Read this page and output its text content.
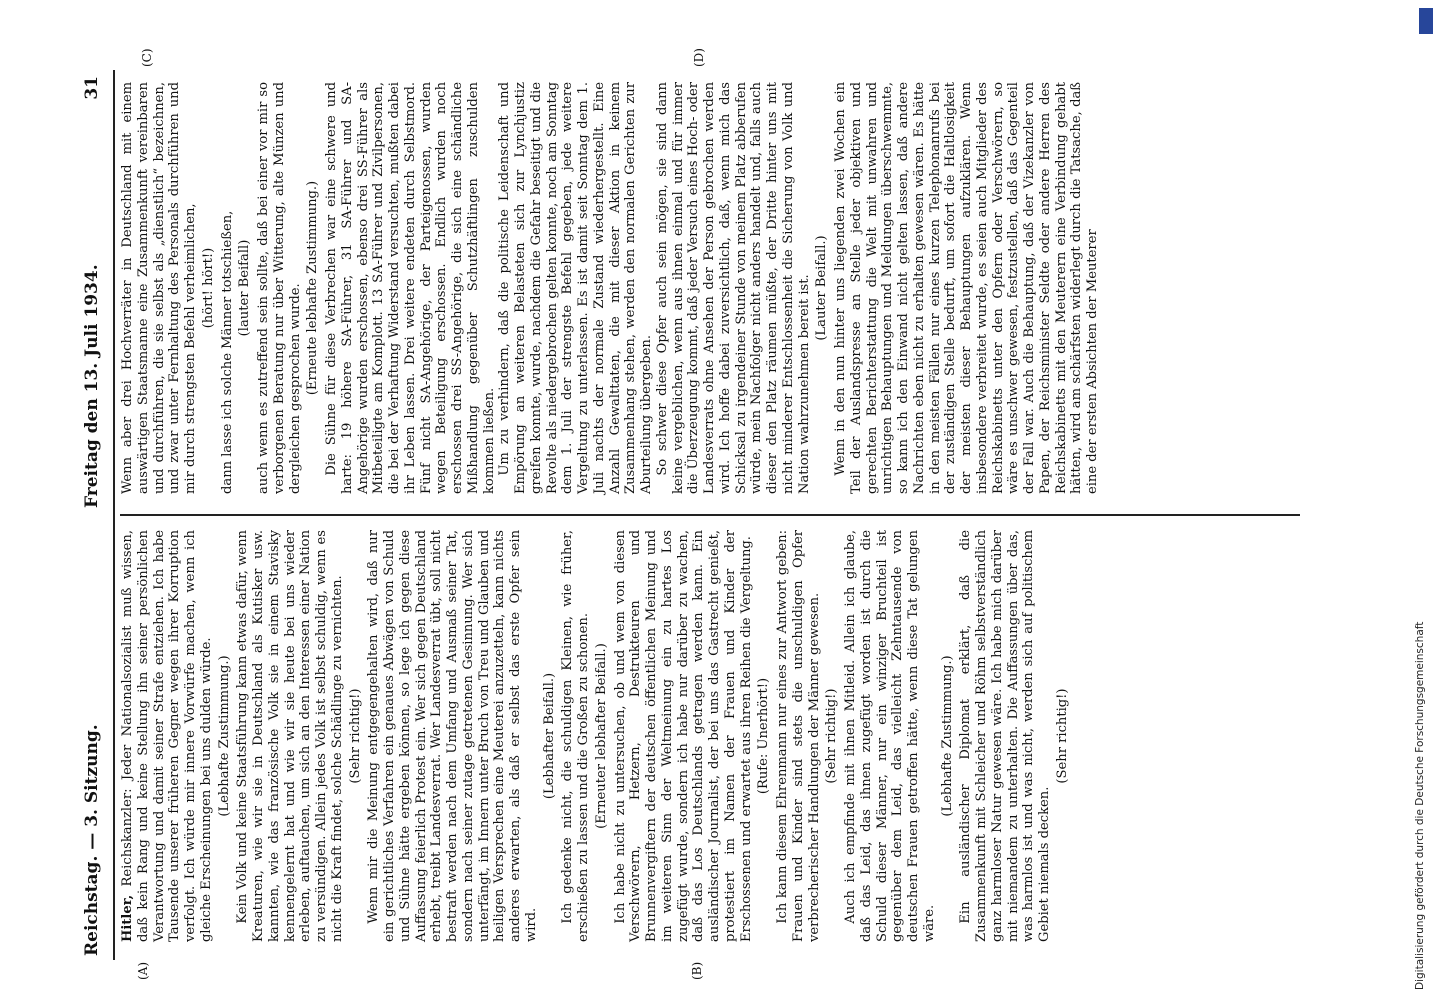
Reichstag. — 3. Sitzung.
Freitag den 13. Juli 1934.
31
(A)	(B)
(C)	(D)

Hitler, Reichskanzler: Jeder Nationalsozialist muß wissen, daß kein Rang und keine Stellung ihn seiner persönlichen Verantwortung und damit seiner Strafe entziehen. Ich habe Tausende unserer früheren Gegner wegen ihrer Korruption verfolgt. Ich würde mir innere Vorwürfe machen, wenn ich gleiche Erscheinungen bei uns dulden würde. (Lebhafte Zustimmung.) Kein Volk und keine Staatsführung kann etwas dafür, wenn Kreaturen, wie wir sie in Deutschland als Kutisker usw. kannten, wie das französische Volk sie in einem Stavisky kennengelernt hat und wie wir sie heute bei uns wieder erleben, auftauchen, um sich an den Interessen einer Nation zu versündigen. Allein jedes Volk ist selbst schuldig, wenn es nicht die Kraft findet, solche Schädlinge zu vernichten. (Sehr richtig!) Wenn mir die Meinung entgegengehalten wird, daß nur ein gerichtliches Verfahren ein genaues Abwägen von Schuld und Sühne hätte ergeben können, so lege ich gegen diese Auffassung feierlich Protest ein. Wer sich gegen Deutschland erhebt, treibt Landesverrat. Wer Landesverrat übt, soll nicht bestraft werden nach dem Umfang und Ausmaß seiner Tat, sondern nach seiner zutage getretenen Gesinnung. Wer sich unterfängt, im Innern unter Bruch von Treu und Glauben und heiligen Versprechen eine Meuterei anzuzetteln, kann nichts anderes erwarten, als daß er selbst das erste Opfer sein wird.

(Lebhafter Beifall.) Ich gedenke nicht, die schuldigen Kleinen, wie früher, erschießen zu lassen und die Großen zu schonen. (Erneuter lebhafter Beifall.) Ich habe nicht zu untersuchen, ob und wem von diesen Verschwörern, Hetzern, Destrukteuren und Brunnenvergiftern der deutschen öffentlichen Meinung und im weiteren Sinn der Weltmeinung ein zu hartes Los zugefügt wurde, sondern ich habe nur darüber zu wachen, daß das Los Deutschlands getragen werden kann. Ein ausländischer Journalist, der bei uns das Gastrecht genießt, protestiert im Namen der Frauen und Kinder der Erschossenen und erwartet aus ihren Reihen die Vergeltung. (Rufe: Unerhört!) Ich kann diesem Ehrenmann nur eines zur Antwort geben: Frauen und Kinder sind stets die unschuldigen Opfer verbrecherischer Handlungen der Männer gewesen. (Sehr richtig!) Auch ich empfinde mit ihnen Mitleid. Allein ich glaube, daß das Leid, das ihnen zugefügt worden ist durch die Schuld dieser Männer, nur ein winziger Bruchteil ist gegenüber dem Leid, das vielleicht Zehntausende von deutschen Frauen getroffen hätte, wenn diese Tat gelungen wäre.

(Lebhafte Zustimmung.) Ein ausländischer Diplomat erklärt, daß die Zusammenkunft mit Schleicher und Röhm selbstverständlich ganz harmloser Natur gewesen wäre. Ich habe mich darüber mit niemandem zu unterhalten. Die Auffassungen über das, was harmlos ist und was nicht, werden sich auf politischem Gebiet niemals decken.

(Sehr richtig!)

Wenn aber drei Hochverräter in Deutschland mit einem auswärtigen Staatsmanne eine Zusammenkunft vereinbaren und durchführen, die sie selbst als „dienstlich“ bezeichnen, und zwar unter Fernhaltung des Personals durchführen und mir durch strengsten Befehl verheimlichen, (hört! hört!) dann lasse ich solche Männer totschießen, (lauter Beifall) auch wenn es zutreffend sein sollte, daß bei einer vor mir so verborgenen Beratung nur über Witterung, alte Münzen und dergleichen gesprochen wurde. (Erneute lebhafte Zustimmung.) Die Sühne für diese Verbrechen war eine schwere und harte: 19 höhere SA-Führer, 31 SA-Führer und SA-Angehörige wurden erschossen, ebenso drei SS-Führer als Mitbeteiligte am Komplott. 13 SA-Führer und Zivilpersonen, die bei der Verhaftung Widerstand versuchten, mußten dabei ihr Leben lassen. Drei weitere endeten durch Selbstmord. Fünf nicht SA-Angehörige, der Parteigenossen, wurden wegen Beteiligung erschossen. Endlich wurden noch erschossen drei SS-Angehörige, die sich eine schändliche Mißhandlung gegenüber Schutzhäftlingen zuschulden kommen ließen. Um zu verhindern, daß die politische Leidenschaft und Empörung an weiteren Belasteten sich zur Lynchjustiz greifen konnte, wurde, nachdem die Gefahr beseitigt und die Revolte als niedergebrochen gelten konnte, noch am Sonntag dem 1. Juli der strengste Befehl gegeben, jede weitere Vergeltung zu unterlassen. Es ist damit seit Sonntag dem 1. Juli nachts der normale Zustand wiederhergestellt. Eine Anzahl Gewalttaten, die mit dieser Aktion in keinem Zusammenhang stehen, werden den normalen Gerichten zur Aburteilung übergeben. So schwer diese Opfer auch sein mögen, sie sind dann keine vergeblichen, wenn aus ihnen einmal und für immer die Überzeugung kommt, daß jeder Versuch eines Hoch- oder Landesverrats ohne Ansehen der Person gebrochen werden wird. Ich hoffe dabei zuversichtlich, daß, wenn mich das Schicksal zu irgendeiner Stunde von meinem Platz abberufen würde, mein Nachfolger nicht anders handelt und, falls auch dieser den Platz räumen müßte, der Dritte hinter uns mit nicht minderer Entschlossenheit die Sicherung von Volk und Nation wahrzunehmen bereit ist. (Lauter Beifall.) Wenn in den nun hinter uns liegenden zwei Wochen ein Teil der Auslandspresse an Stelle jeder objektiven und gerechten Berichterstattung die Welt mit unwahren und unrichtigen Behauptungen und Meldungen überschwemmte, so kann ich den Einwand nicht gelten lassen, daß andere Nachrichten eben nicht zu erhalten gewesen wären. Es hätte in den meisten Fällen nur eines kurzen Telephonanrufs bei der zuständigen Stelle bedurft, um sofort die Haltlosigkeit der meisten dieser Behauptungen aufzuklären. Wenn insbesondere verbreitet wurde, es seien auch Mitglieder des Reichskabinetts unter den Opfern oder Verschwörern, so wäre es unschwer gewesen, festzustellen, daß das Gegenteil der Fall war. Auch die Behauptung, daß der Vizekanzler von Papen, der Reichsminister Seldte oder andere Herren des Reichskabinetts mit den Meuterern eine Verbindung gehabt hätten, wird am schärfsten widerlegt durch die Tatsache, daß eine der ersten Absichten der Meuterer

Digitalisierung gefördert durch die Deutsche Forschungsgemeinschaft
